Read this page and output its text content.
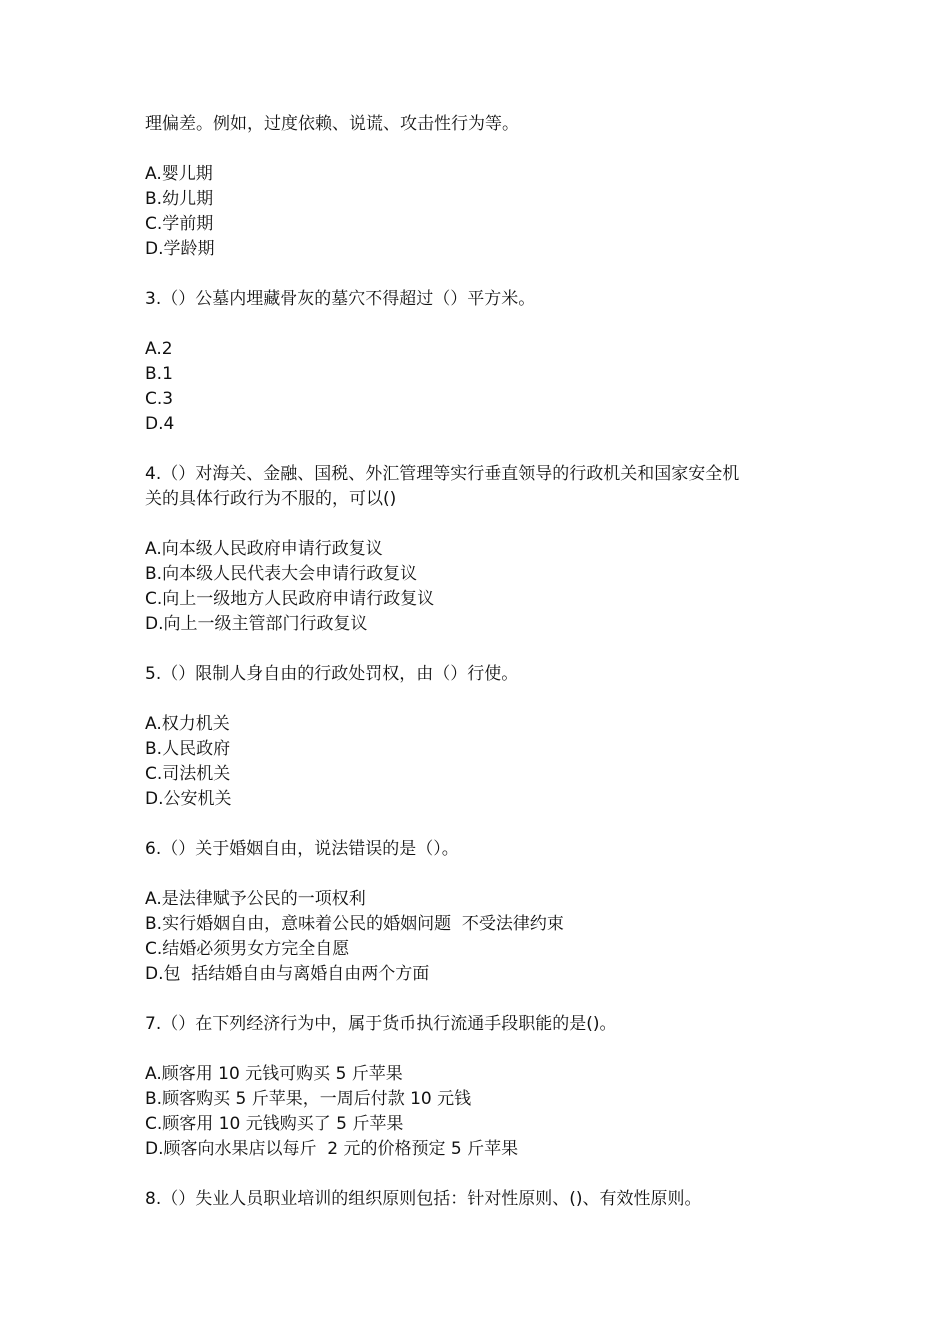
理偏差。例如，过度依赖、说谎、攻击性行为等。
A.婴儿期
B.幼儿期
C.学前期
D.学龄期
3.（）公墓内埋藏骨灰的墓穴不得超过（）平方米。
A.2
B.1
C.3
D.4
4.（）对海关、金融、国税、外汇管理等实行垂直领导的行政机关和国家安全机
关的具体行政行为不服的，可以()
A.向本级人民政府申请行政复议
B.向本级人民代表大会申请行政复议
C.向上一级地方人民政府申请行政复议
D.向上一级主管部门行政复议
5.（）限制人身自由的行政处罚权，由（）行使。
A.权力机关
B.人民政府
C.司法机关
D.公安机关
6.（）关于婚姻自由，说法错误的是（）。
A.是法律赋予公民的一项权利
B.实行婚姻自由，意味着公民的婚姻问题  不受法律约束
C.结婚必须男女方完全自愿
D.包  括结婚自由与离婚自由两个方面
7.（）在下列经济行为中，属于货币执行流通手段职能的是()。
A.顾客用 10 元钱可购买 5 斤苹果
B.顾客购买 5 斤苹果，一周后付款 10 元钱
C.顾客用 10 元钱购买了 5 斤苹果
D.顾客向水果店以每斤  2 元的价格预定 5 斤苹果
8.（）失业人员职业培训的组织原则包括：针对性原则、()、有效性原则。
